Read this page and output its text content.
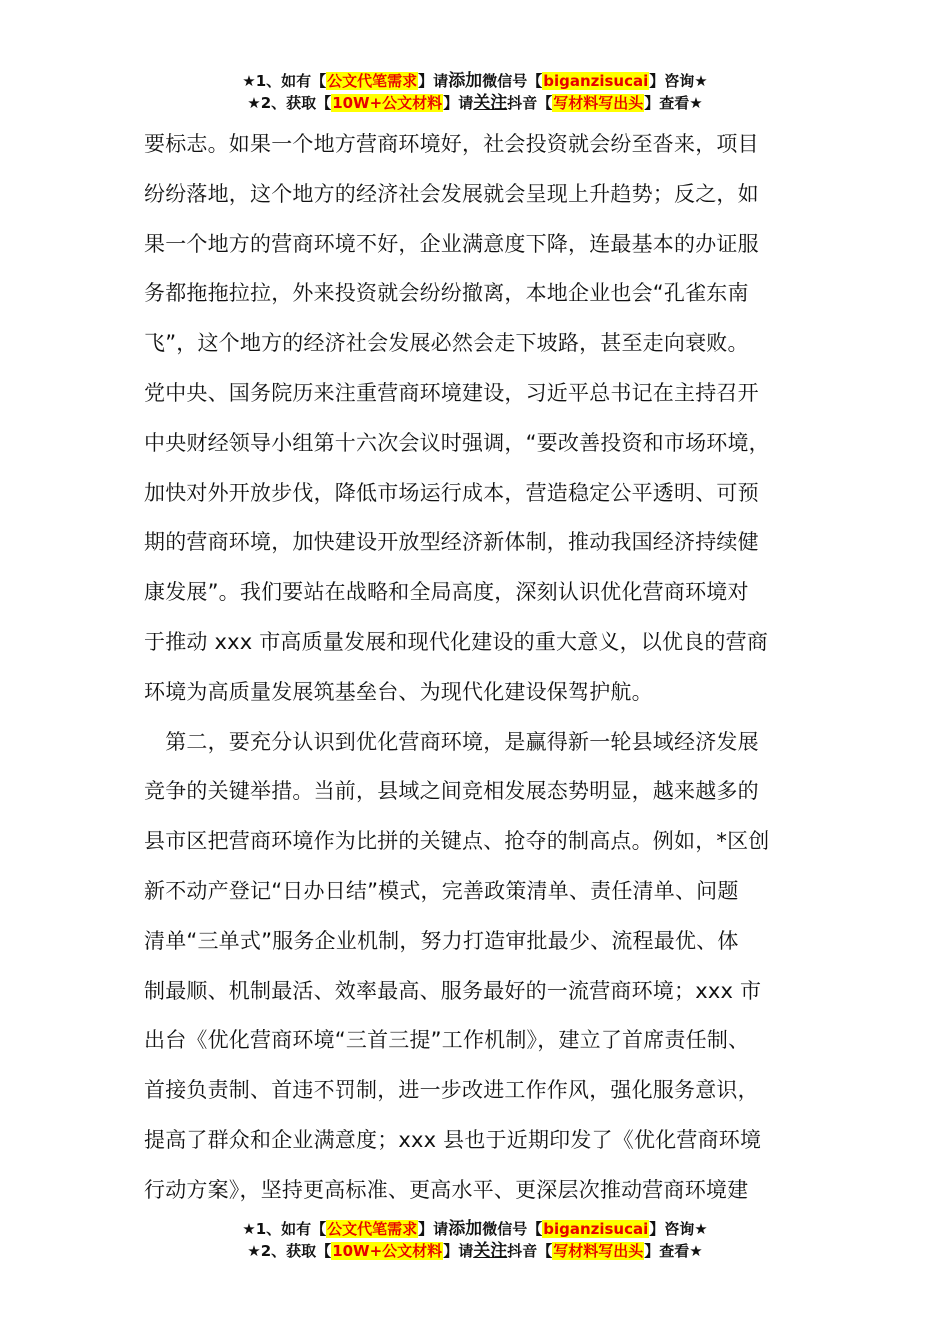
★1、如有【公文代笔需求】请添加微信号【biganzisucai】咨询★
★2、获取【10W+公文材料】请关注抖音【写材料写出头】查看★
要标志。如果一个地方营商环境好，社会投资就会纷至沓来，项目
纷纷落地，这个地方的经济社会发展就会呈现上升趋势；反之，如
果一个地方的营商环境不好，企业满意度下降，连最基本的办证服
务都拖拖拉拉，外来投资就会纷纷撤离，本地企业也会“孔雀东南
飞”，这个地方的经济社会发展必然会走下坡路，甚至走向衰败。
党中央、国务院历来注重营商环境建设，习近平总书记在主持召开
中央财经领导小组第十六次会议时强调，“要改善投资和市场环境，
加快对外开放步伐，降低市场运行成本，营造稳定公平透明、可预
期的营商环境，加快建设开放型经济新体制，推动我国经济持续健
康发展”。我们要站在战略和全局高度，深刻认识优化营商环境对
于推动 xxx 市高质量发展和现代化建设的重大意义，以优良的营商
环境为高质量发展筑基垒台、为现代化建设保驾护航。
　第二，要充分认识到优化营商环境，是赢得新一轮县域经济发展
竞争的关键举措。当前，县域之间竞相发展态势明显，越来越多的
县市区把营商环境作为比拼的关键点、抢夺的制高点。例如，*区创
新不动产登记“日办日结”模式，完善政策清单、责任清单、问题
清单“三单式”服务企业机制，努力打造审批最少、流程最优、体
制最顺、机制最活、效率最高、服务最好的一流营商环境；xxx 市
出台《优化营商环境“三首三提”工作机制》，建立了首席责任制、
首接负责制、首违不罚制，进一步改进工作作风，强化服务意识，
提高了群众和企业满意度；xxx 县也于近期印发了《优化营商环境
行动方案》，坚持更高标准、更高水平、更深层次推动营商环境建
★1、如有【公文代笔需求】请添加微信号【biganzisucai】咨询★
★2、获取【10W+公文材料】请关注抖音【写材料写出头】查看★
